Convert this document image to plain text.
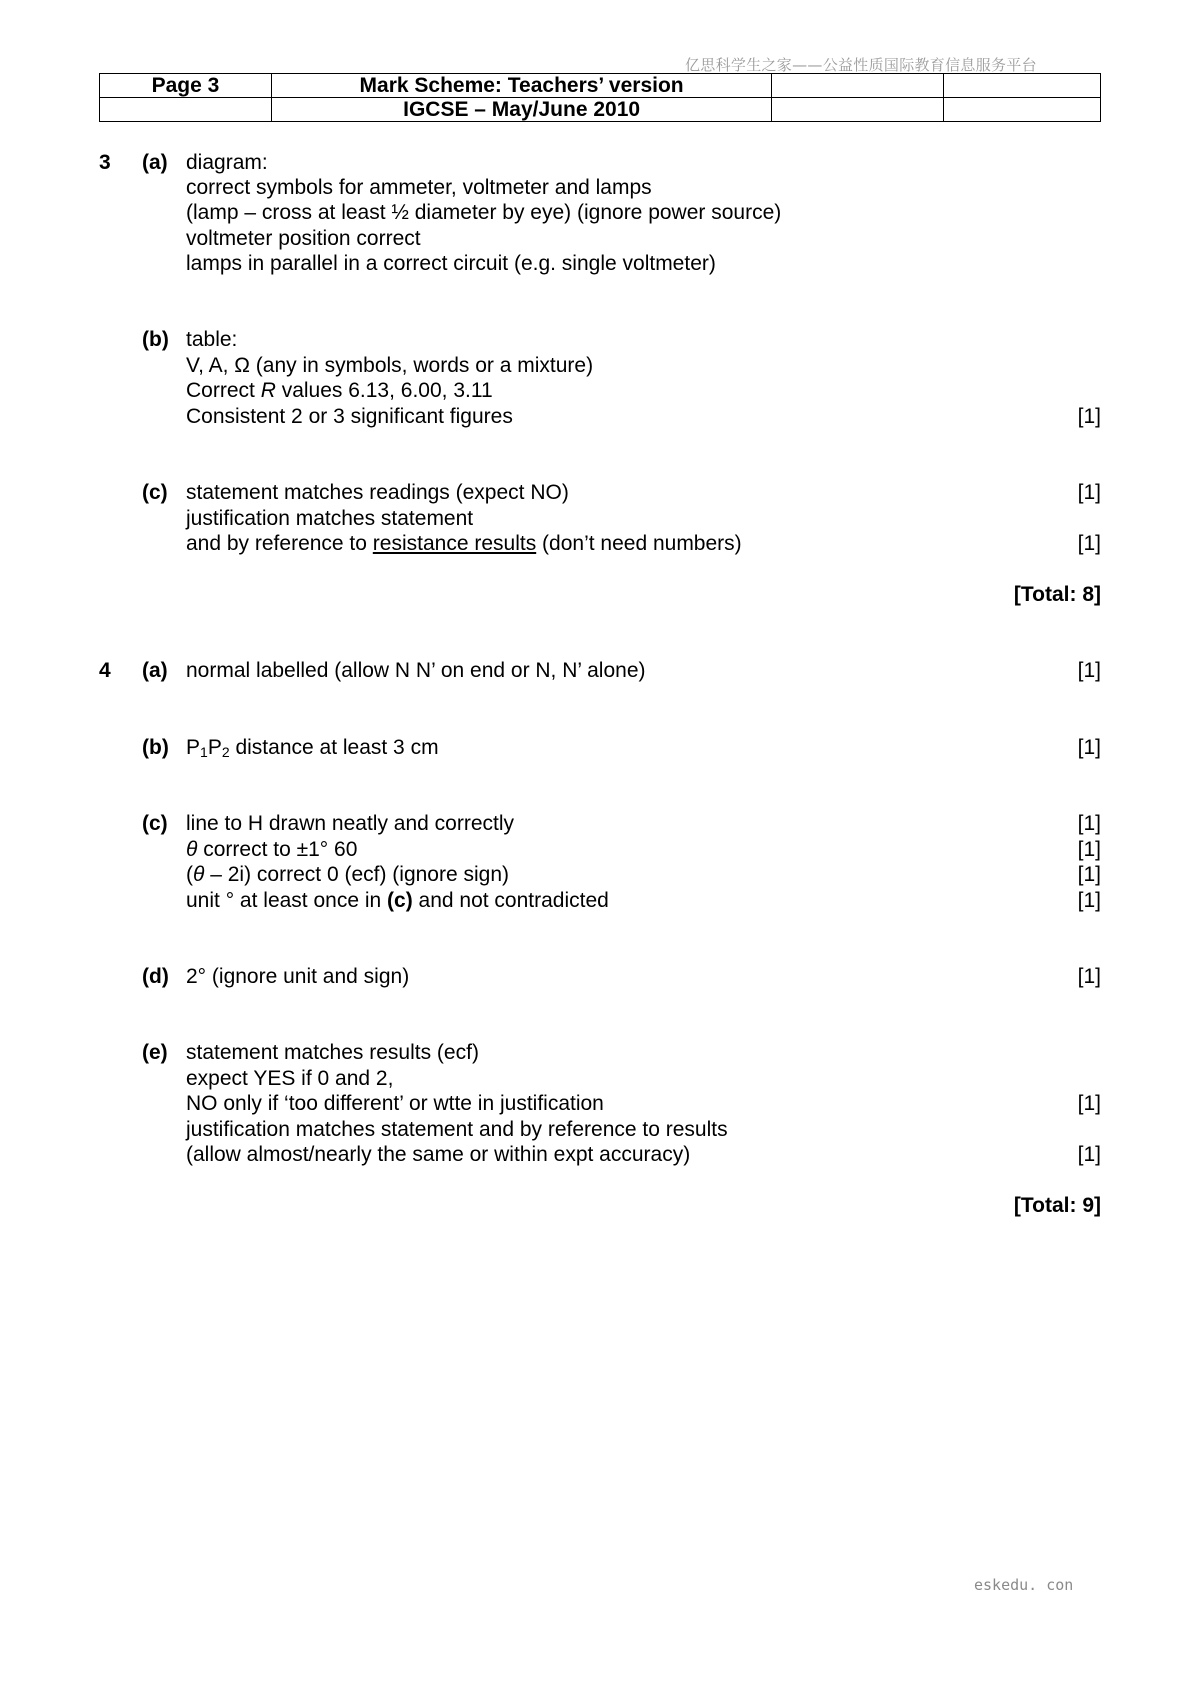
亿思科学生之家——公益性质国际教育信息服务平台
Page 3	Mark Scheme: Teachers’ version		
	IGCSE – May/June 2010		
3 (a) diagram:
correct symbols for ammeter, voltmeter and lamps
(lamp – cross at least ½ diameter by eye) (ignore power source)
voltmeter position correct
lamps in parallel in a correct circuit (e.g. single voltmeter)
(b) table:
V, A, Ω (any in symbols, words or a mixture)
Correct R values 6.13, 6.00, 3.11
Consistent 2 or 3 significant figures	[1]
(c) statement matches readings (expect NO)	[1]
justification matches statement
and by reference to resistance results (don’t need numbers)	[1]
[Total: 8]
4 (a) normal labelled (allow N N’ on end or N, N’ alone)	[1]
(b) $P_1P_2$ distance at least 3 cm	[1]
(c) line to H drawn neatly and correctly	[1]
θ correct to ±1° 60	[1]
(θ – 2i) correct 0 (ecf) (ignore sign)	[1]
unit ° at least once in (c) and not contradicted	[1]
(d) 2° (ignore unit and sign)	[1]
(e) statement matches results (ecf)
expect YES if 0 and 2,
NO only if ‘too different’ or wtte in justification	[1]
justification matches statement and by reference to results
(allow almost/nearly the same or within expt accuracy)	[1]
[Total: 9]
eskedu. con
